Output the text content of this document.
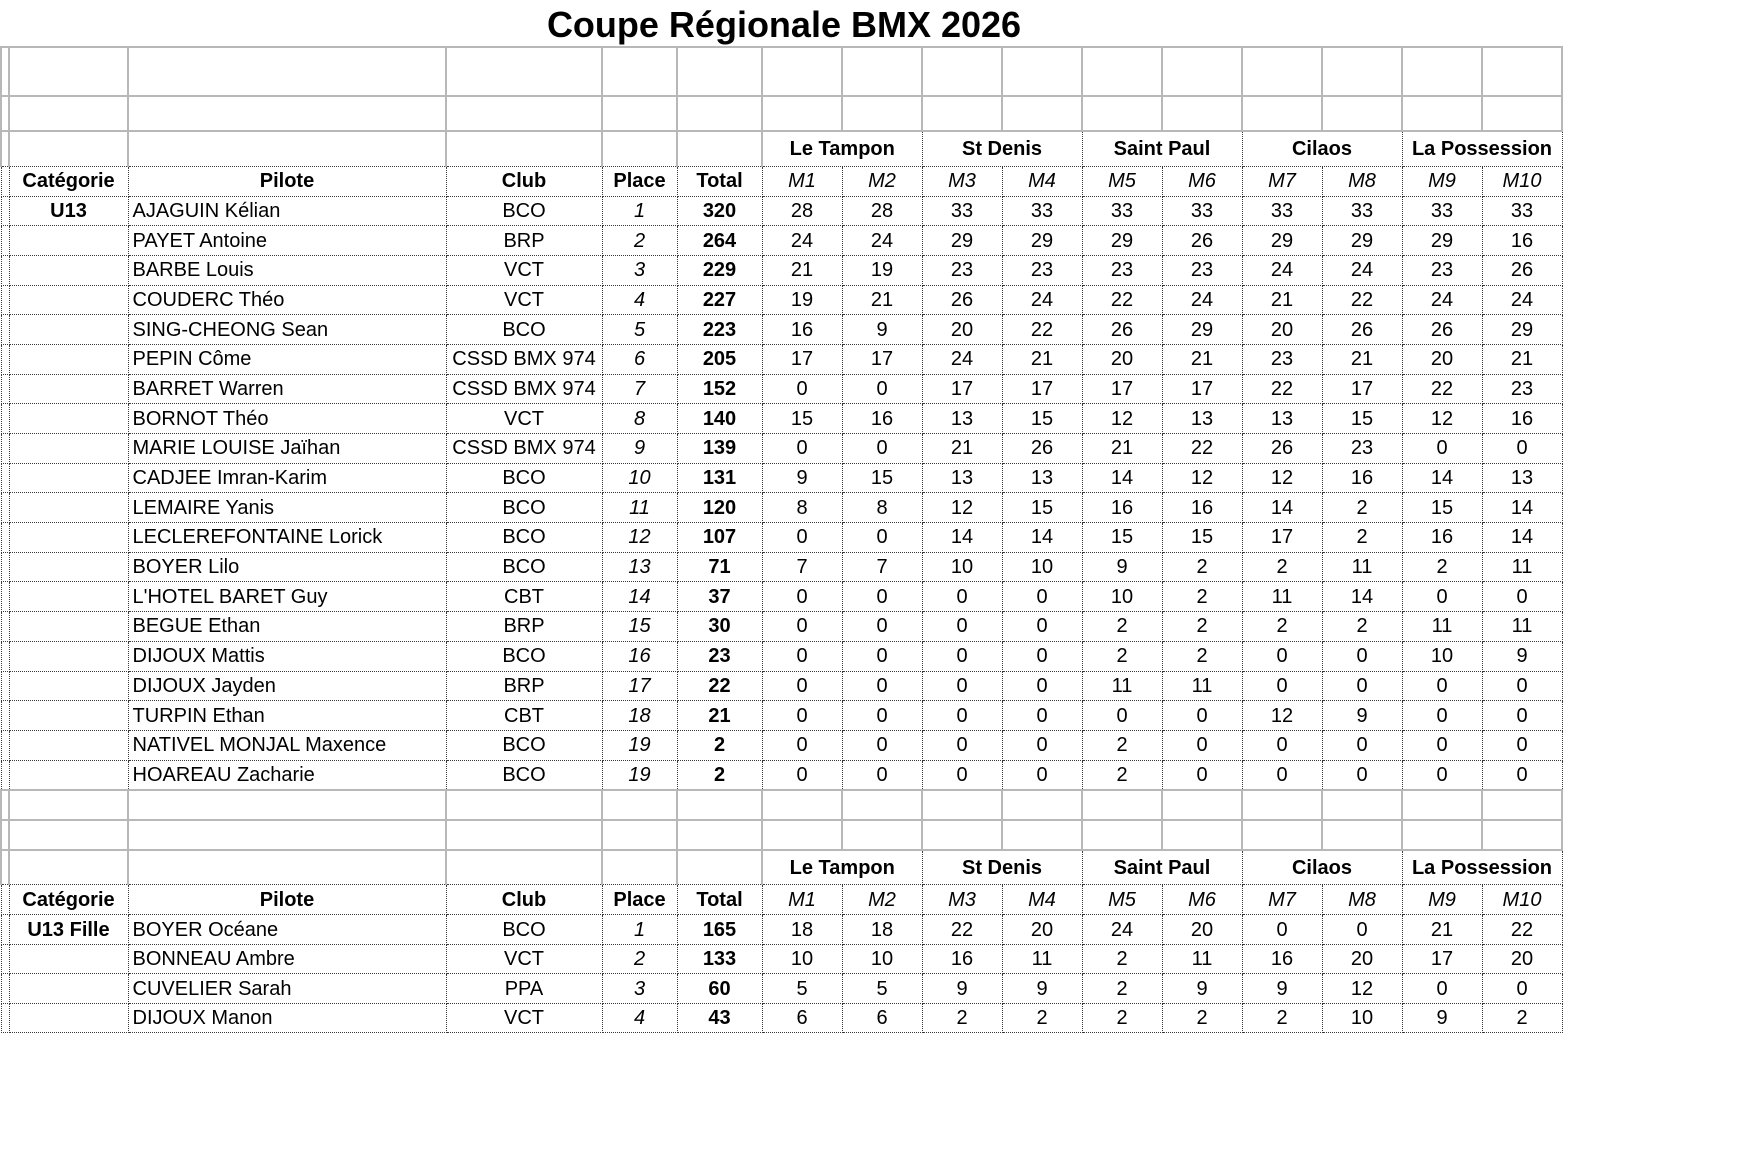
Coupe Régionale BMX 2026

						Le Tampon		St Denis		Saint Paul		Cilaos		La Possession	
	Catégorie	Pilote	Club	Place	Total	M1	M2	M3	M4	M5	M6	M7	M8	M9	M10
	U13	AJAGUIN Kélian	BCO	1	320	28	28	33	33	33	33	33	33	33	33
		PAYET Antoine	BRP	2	264	24	24	29	29	29	26	29	29	29	16
		BARBE Louis	VCT	3	229	21	19	23	23	23	23	24	24	23	26
		COUDERC Théo	VCT	4	227	19	21	26	24	22	24	21	22	24	24
		SING-CHEONG Sean	BCO	5	223	16	9	20	22	26	29	20	26	26	29
		PEPIN Côme	CSSD BMX 974	6	205	17	17	24	21	20	21	23	21	20	21
		BARRET Warren	CSSD BMX 974	7	152	0	0	17	17	17	17	22	17	22	23
		BORNOT Théo	VCT	8	140	15	16	13	15	12	13	13	15	12	16
		MARIE LOUISE Jaïhan	CSSD BMX 974	9	139	0	0	21	26	21	22	26	23	0	0
		CADJEE Imran-Karim	BCO	10	131	9	15	13	13	14	12	12	16	14	13
		LEMAIRE Yanis	BCO	11	120	8	8	12	15	16	16	14	2	15	14
		LECLEREFONTAINE Lorick	BCO	12	107	0	0	14	14	15	15	17	2	16	14
		BOYER Lilo	BCO	13	71	7	7	10	10	9	2	2	11	2	11
		L'HOTEL BARET Guy	CBT	14	37	0	0	0	0	10	2	11	14	0	0
		BEGUE Ethan	BRP	15	30	0	0	0	0	2	2	2	2	11	11
		DIJOUX Mattis	BCO	16	23	0	0	0	0	2	2	0	0	10	9
		DIJOUX Jayden	BRP	17	22	0	0	0	0	11	11	0	0	0	0
		TURPIN Ethan	CBT	18	21	0	0	0	0	0	0	12	9	0	0
		NATIVEL MONJAL Maxence	BCO	19	2	0	0	0	0	2	0	0	0	0	0
		HOAREAU Zacharie	BCO	19	2	0	0	0	0	2	0	0	0	0	0

						Le Tampon		St Denis		Saint Paul		Cilaos		La Possession	
	Catégorie	Pilote	Club	Place	Total	M1	M2	M3	M4	M5	M6	M7	M8	M9	M10
	U13 Fille	BOYER Océane	BCO	1	165	18	18	22	20	24	20	0	0	21	22
		BONNEAU Ambre	VCT	2	133	10	10	16	11	2	11	16	20	17	20
		CUVELIER Sarah	PPA	3	60	5	5	9	9	2	9	9	12	0	0
		DIJOUX Manon	VCT	4	43	6	6	2	2	2	2	2	10	9	2
